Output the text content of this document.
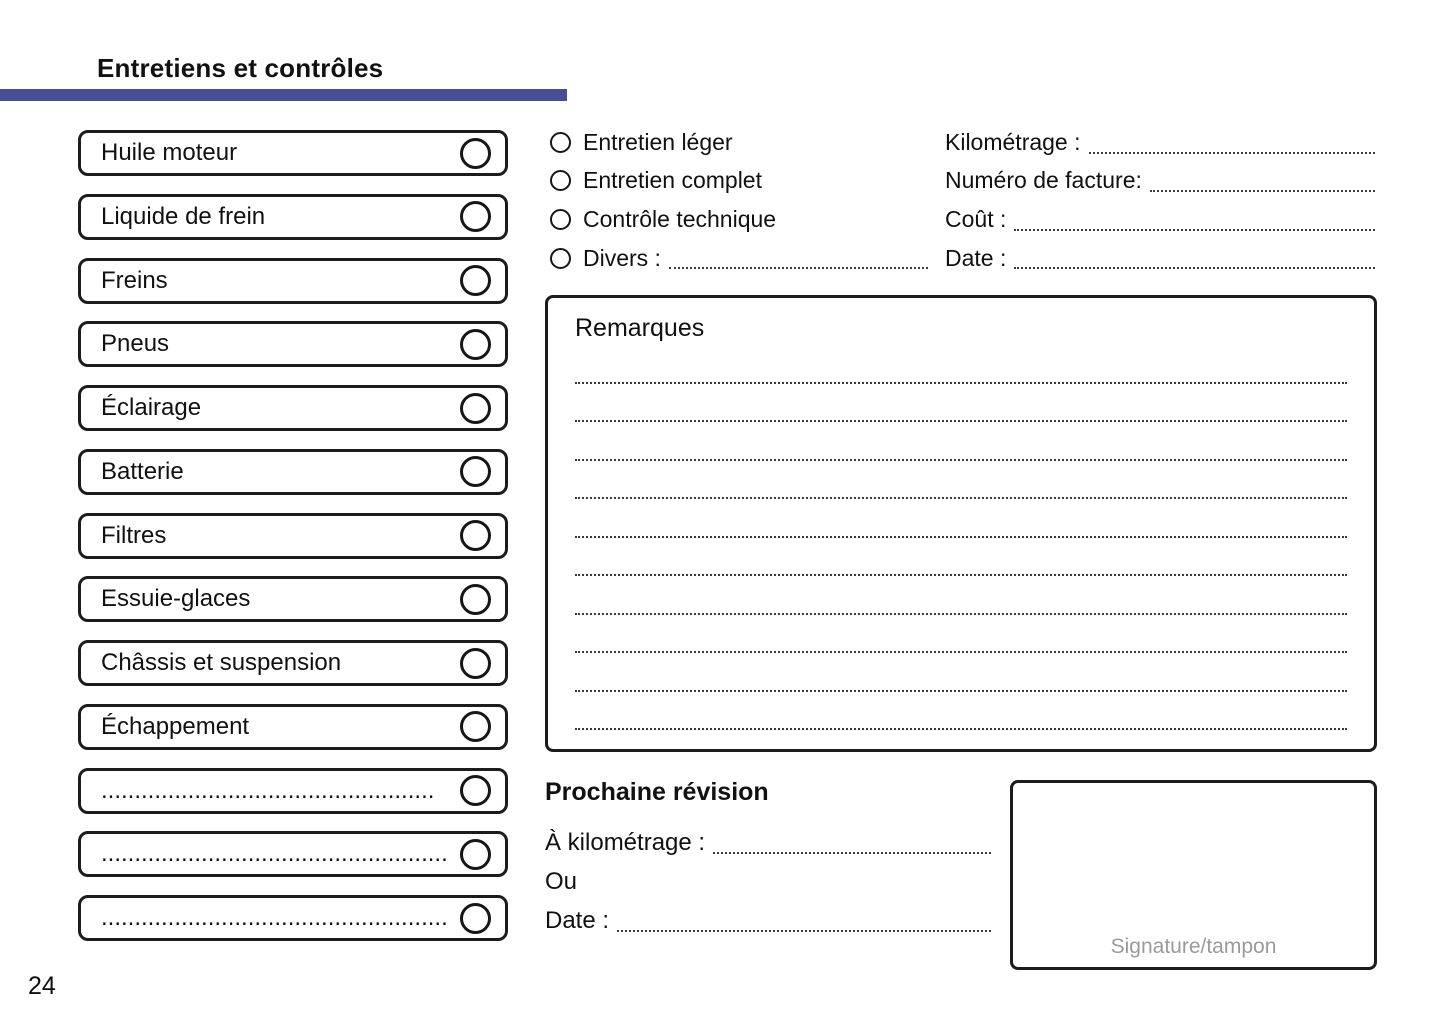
Entretiens et contrôles
Huile moteur
Liquide de frein
Freins
Pneus
Éclairage
Batterie
Filtres
Essuie-glaces
Châssis et suspension
Échappement
..................................................
....................................................
....................................................
Entretien léger
Entretien complet
Contrôle technique
Divers :
Kilométrage :
Numéro de facture:
Coût :
Date :
Remarques
Prochaine révision
À kilométrage :
Ou
Date :
Signature/tampon
24
